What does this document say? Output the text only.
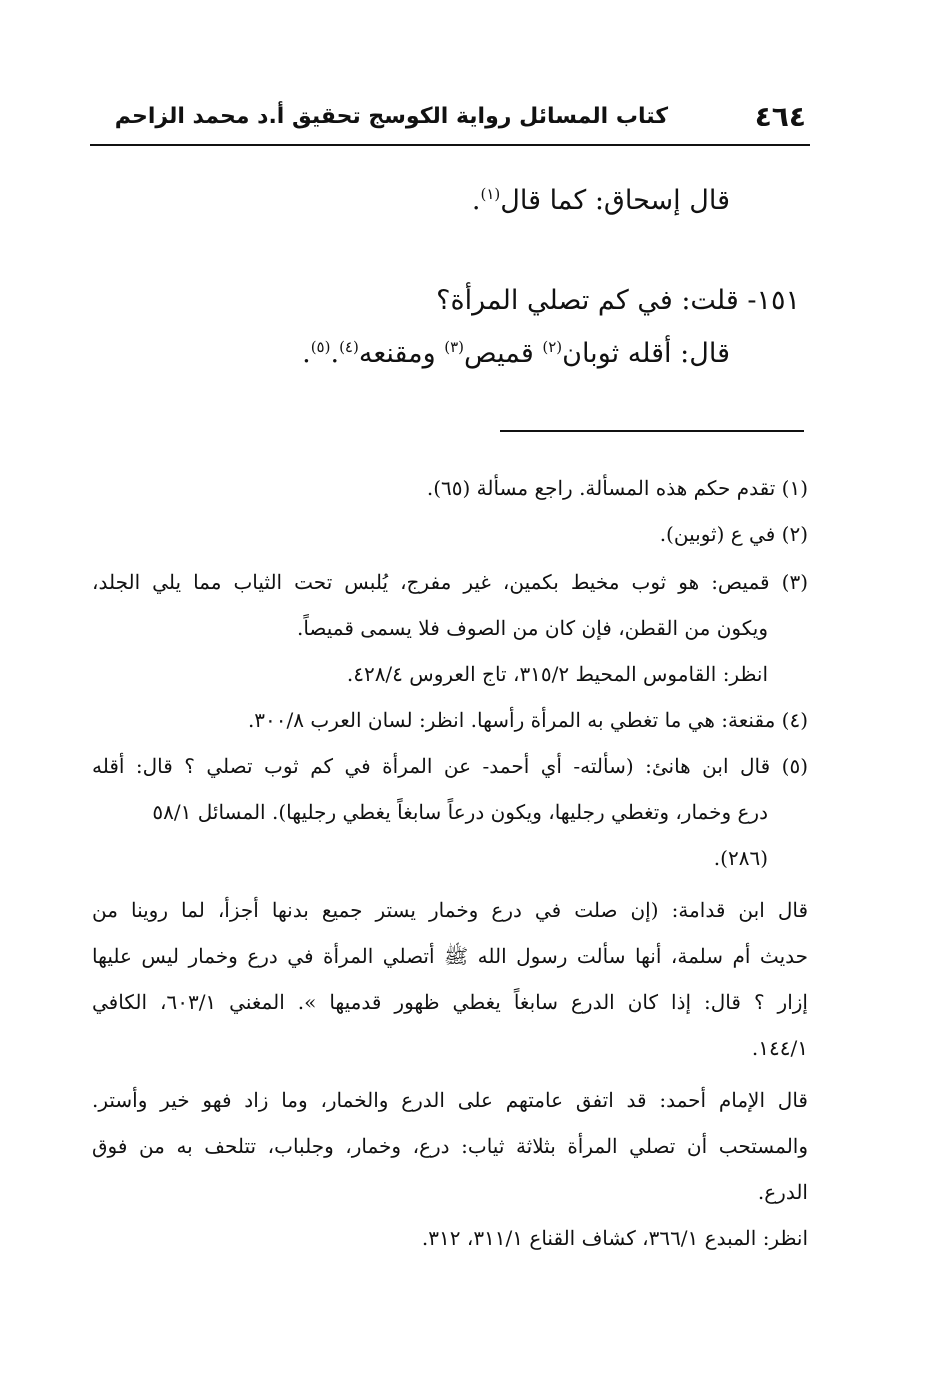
٤٦٤
كتاب المسائل رواية الكوسج تحقيق أ.د محمد الزاحم
قال إسحاق: كما قال$^{(١)}$.
١٥١- قلت: في كم تصلي المرأة؟
قال: أقله ثوبان$^{(٢)}$ قميص$^{(٣)}$ ومقنعه$^{(٤)}$.$^{(٥)}$.
(١) تقدم حكم هذه المسألة. راجع مسألة (٦٥).
(٢) في ع (ثوبين).
(٣) قميص: هو ثوب مخيط بكمين، غير مفرج، يُلبس تحت الثياب مما يلي الجلد،
ويكون من القطن، فإن كان من الصوف فلا يسمى قميصاً.
انظر: القاموس المحيط ٣١٥/٢، تاج العروس ٤٢٨/٤.
(٤) مقنعة: هي ما تغطي به المرأة رأسها. انظر: لسان العرب ٣٠٠/٨.
(٥) قال ابن هانئ: (سألته- أي أحمد- عن المرأة في كم ثوب تصلي ؟ قال: أقله
درع وخمار، وتغطي رجليها، ويكون درعاً سابغاً يغطي رجليها). المسائل ٥٨/١
(٢٨٦).
قال ابن قدامة: (إن صلت في درع وخمار يستر جميع بدنها أجزأ، لما روينا من
حديث أم سلمة، أنها سألت رسول الله ﷺ أتصلي المرأة في درع وخمار ليس عليها
إزار ؟ قال: إذا كان الدرع سابغاً يغطي ظهور قدميها ». المغني ٦٠٣/١، الكافي
١٤٤/١.
قال الإمام أحمد: قد اتفق عامتهم على الدرع والخمار، وما زاد فهو خير وأستر.
والمستحب أن تصلي المرأة بثلاثة ثياب: درع، وخمار، وجلباب، تتلحف به من فوق
الدرع.
انظر: المبدع ٣٦٦/١، كشاف القناع ٣١١/١، ٣١٢.
